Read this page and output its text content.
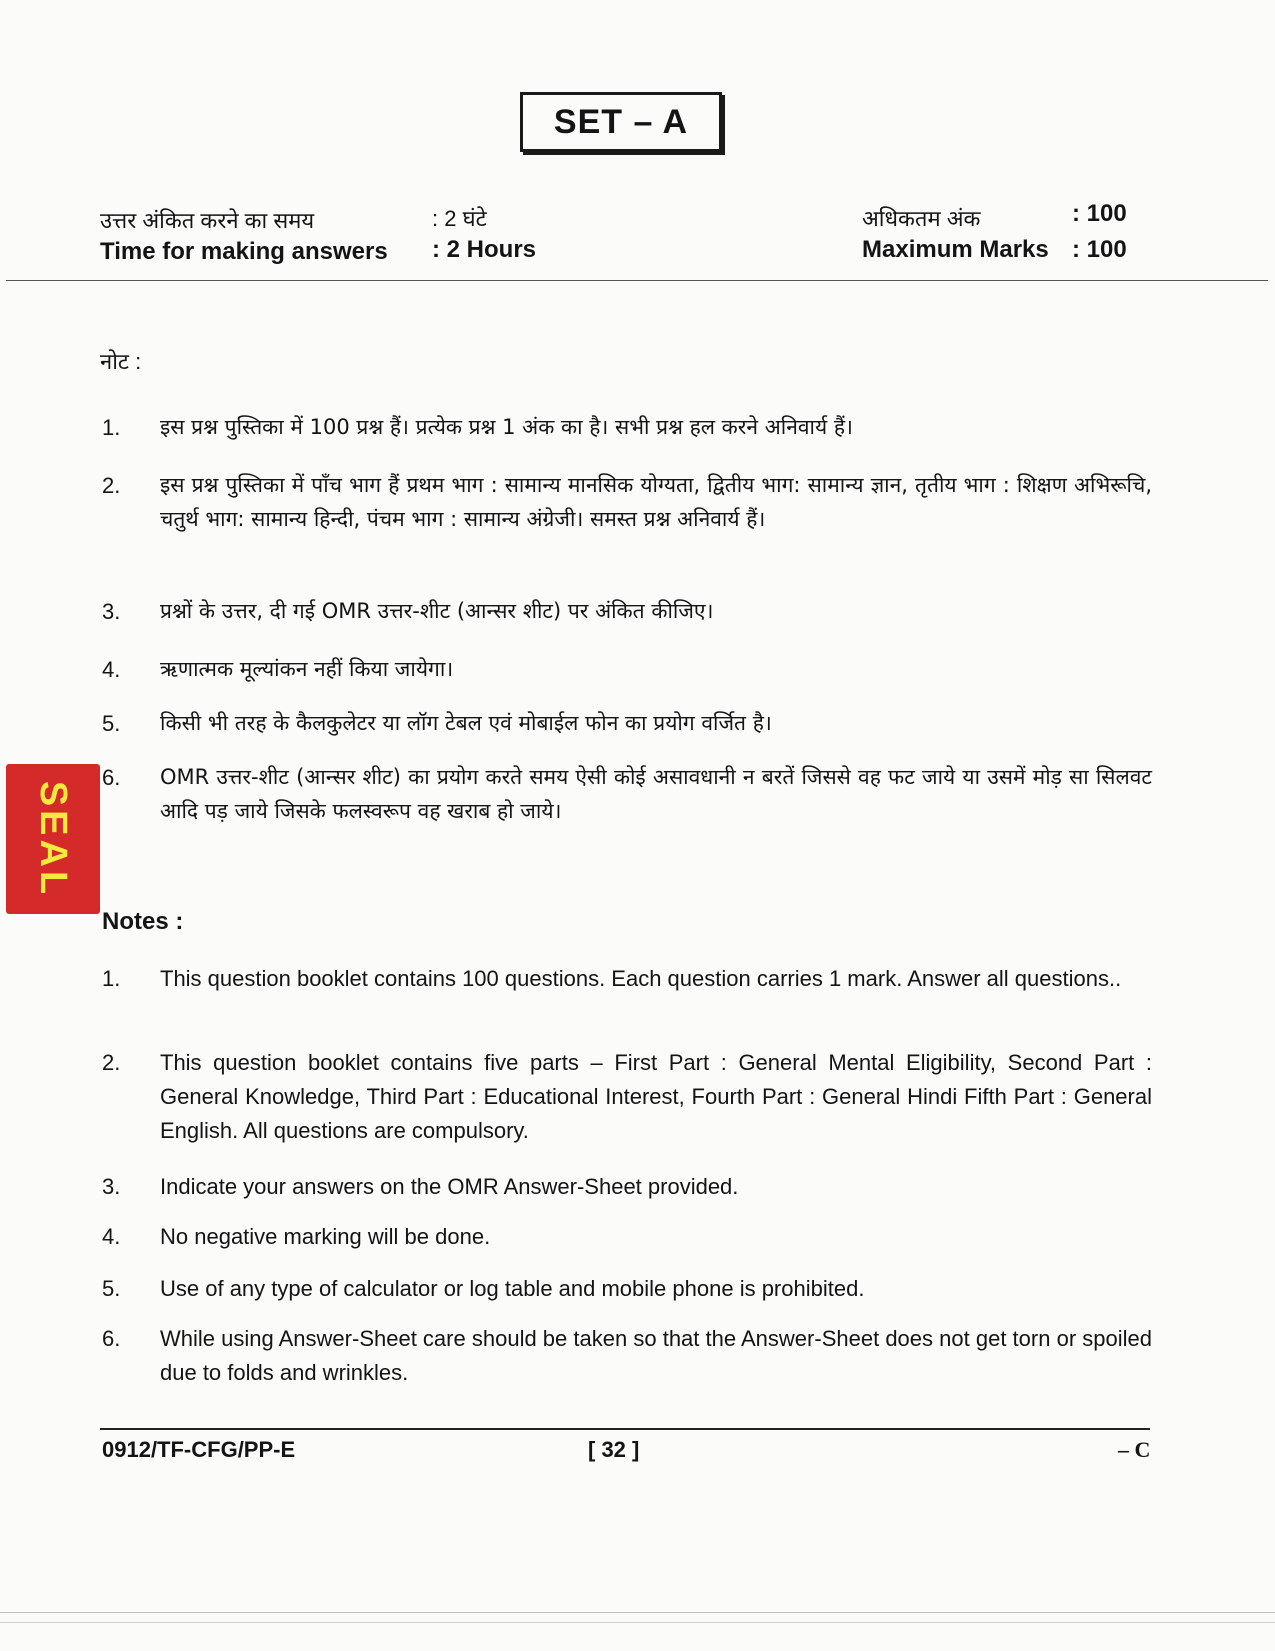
SET – A
उत्तर अंकित करने का समय	: 2 घंटे
Time for making answers : 2 Hours
अधिकतम अंक	: 100
Maximum Marks : 100
नोट :
1.	इस प्रश्न पुस्तिका में 100 प्रश्न हैं। प्रत्येक प्रश्न 1 अंक का है। सभी प्रश्न हल करने अनिवार्य हैं।
2.	इस प्रश्न पुस्तिका में पाँच भाग हैं प्रथम भाग : सामान्य मानसिक योग्यता, द्वितीय भाग: सामान्य ज्ञान, तृतीय भाग : शिक्षण अभिरूचि, चतुर्थ भाग: सामान्य हिन्दी, पंचम भाग : सामान्य अंग्रेजी। समस्त प्रश्न अनिवार्य हैं।
3.	प्रश्नों के उत्तर, दी गई OMR उत्तर-शीट (आन्सर शीट) पर अंकित कीजिए।
4.	ऋणात्मक मूल्यांकन नहीं किया जायेगा।
5.	किसी भी तरह के कैलकुलेटर या लॉग टेबल एवं मोबाईल फोन का प्रयोग वर्जित है।
6.	OMR उत्तर-शीट (आन्सर शीट) का प्रयोग करते समय ऐसी कोई असावधानी न बरतें जिससे वह फट जाये या उसमें मोड़ सा सिलवट आदि पड़ जाये जिसके फलस्वरूप वह खराब हो जाये।
SEAL
Notes :
1.	This question booklet contains 100 questions. Each question carries 1 mark. Answer all questions..
2.	This question booklet contains five parts – First Part : General Mental Eligibility, Second Part : General Knowledge, Third Part : Educational Interest, Fourth Part : General Hindi Fifth Part : General English. All questions are compulsory.
3.	Indicate your answers on the OMR Answer-Sheet provided.
4.	No negative marking will be done.
5.	Use of any type of calculator or log table and mobile phone is prohibited.
6.	While using Answer-Sheet care should be taken so that the Answer-Sheet does not get torn or spoiled due to folds and wrinkles.
0912/TF-CFG/PP-E	[ 32 ]	– C
